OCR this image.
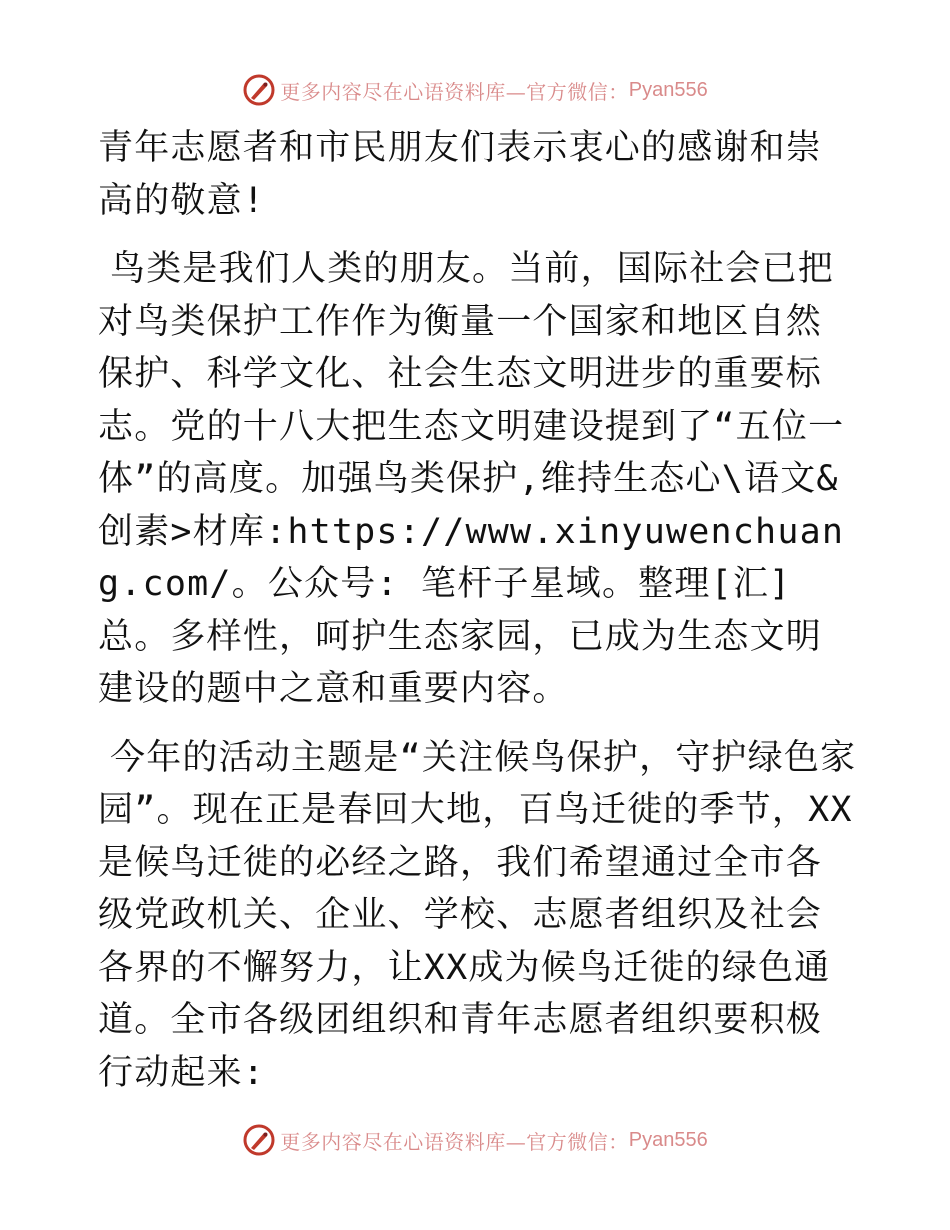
更多内容尽在心语资料库—官方微信： Pyan556

青年志愿者和市民朋友们表示衷心的感谢和崇高的敬意!

鸟类是我们人类的朋友。当前，国际社会已把对鸟类保护工作作为衡量一个国家和地区自然保护、科学文化、社会生态文明进步的重要标志。党的十八大把生态文明建设提到了“五位一体”的高度。加强鸟类保护,维持生态心\语文&创素>材库:https://www.xinyuwenchuang.com/。公众号: 笔杆子星域。整理[汇]总。多样性，呵护生态家园，已成为生态文明建设的题中之意和重要内容。

今年的活动主题是“关注候鸟保护，守护绿色家园”。现在正是春回大地，百鸟迁徙的季节，XX是候鸟迁徙的必经之路，我们希望通过全市各级党政机关、企业、学校、志愿者组织及社会各界的不懈努力，让XX成为候鸟迁徙的绿色通道。全市各级团组织和青年志愿者组织要积极行动起来:

更多内容尽在心语资料库—官方微信： Pyan556
